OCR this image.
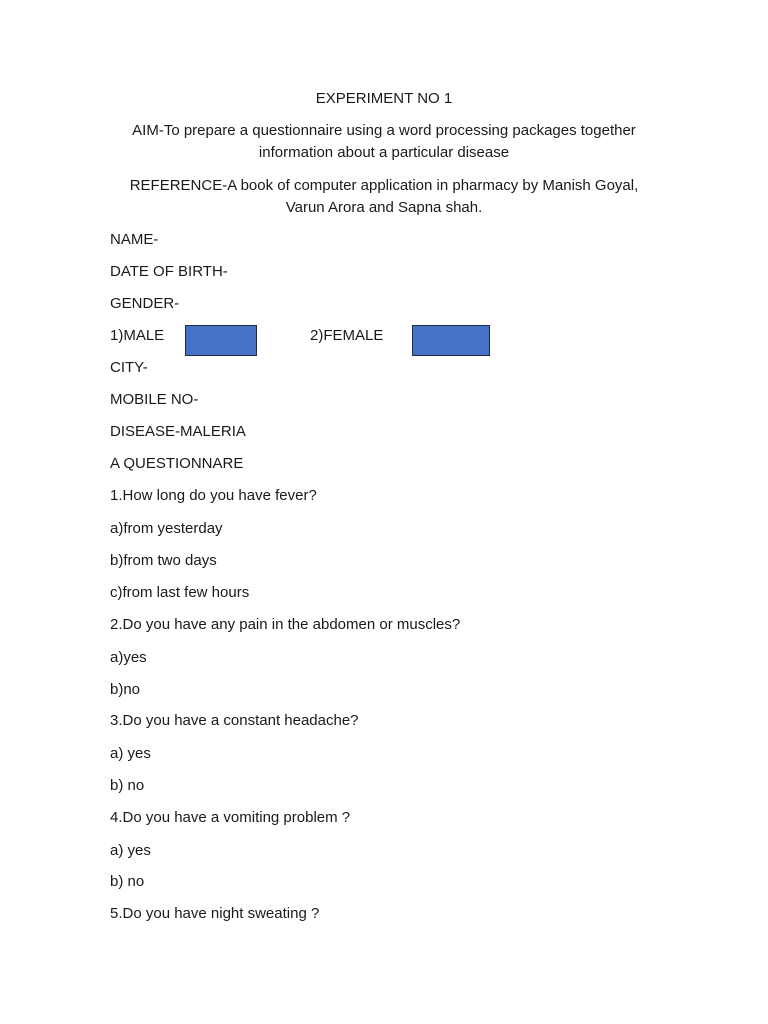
EXPERIMENT NO 1

AIM-To prepare a questionnaire using a word processing packages together

information about a particular disease

REFERENCE-A book of computer application in pharmacy by Manish Goyal,

Varun Arora and Sapna shah.

NAME-

DATE OF BIRTH-

GENDER-

1)MALE	2)FEMALE

CITY-

MOBILE NO-

DISEASE-MALERIA

A QUESTIONNARE

1.How long do you have fever?

a)from yesterday

b)from two days

c)from last few hours

2.Do you have any pain in the abdomen or muscles?

a)yes

b)no

3.Do you have a constant headache?

a) yes

b) no

4.Do you have a vomiting problem ?

a) yes

b) no

5.Do you have night sweating ?
